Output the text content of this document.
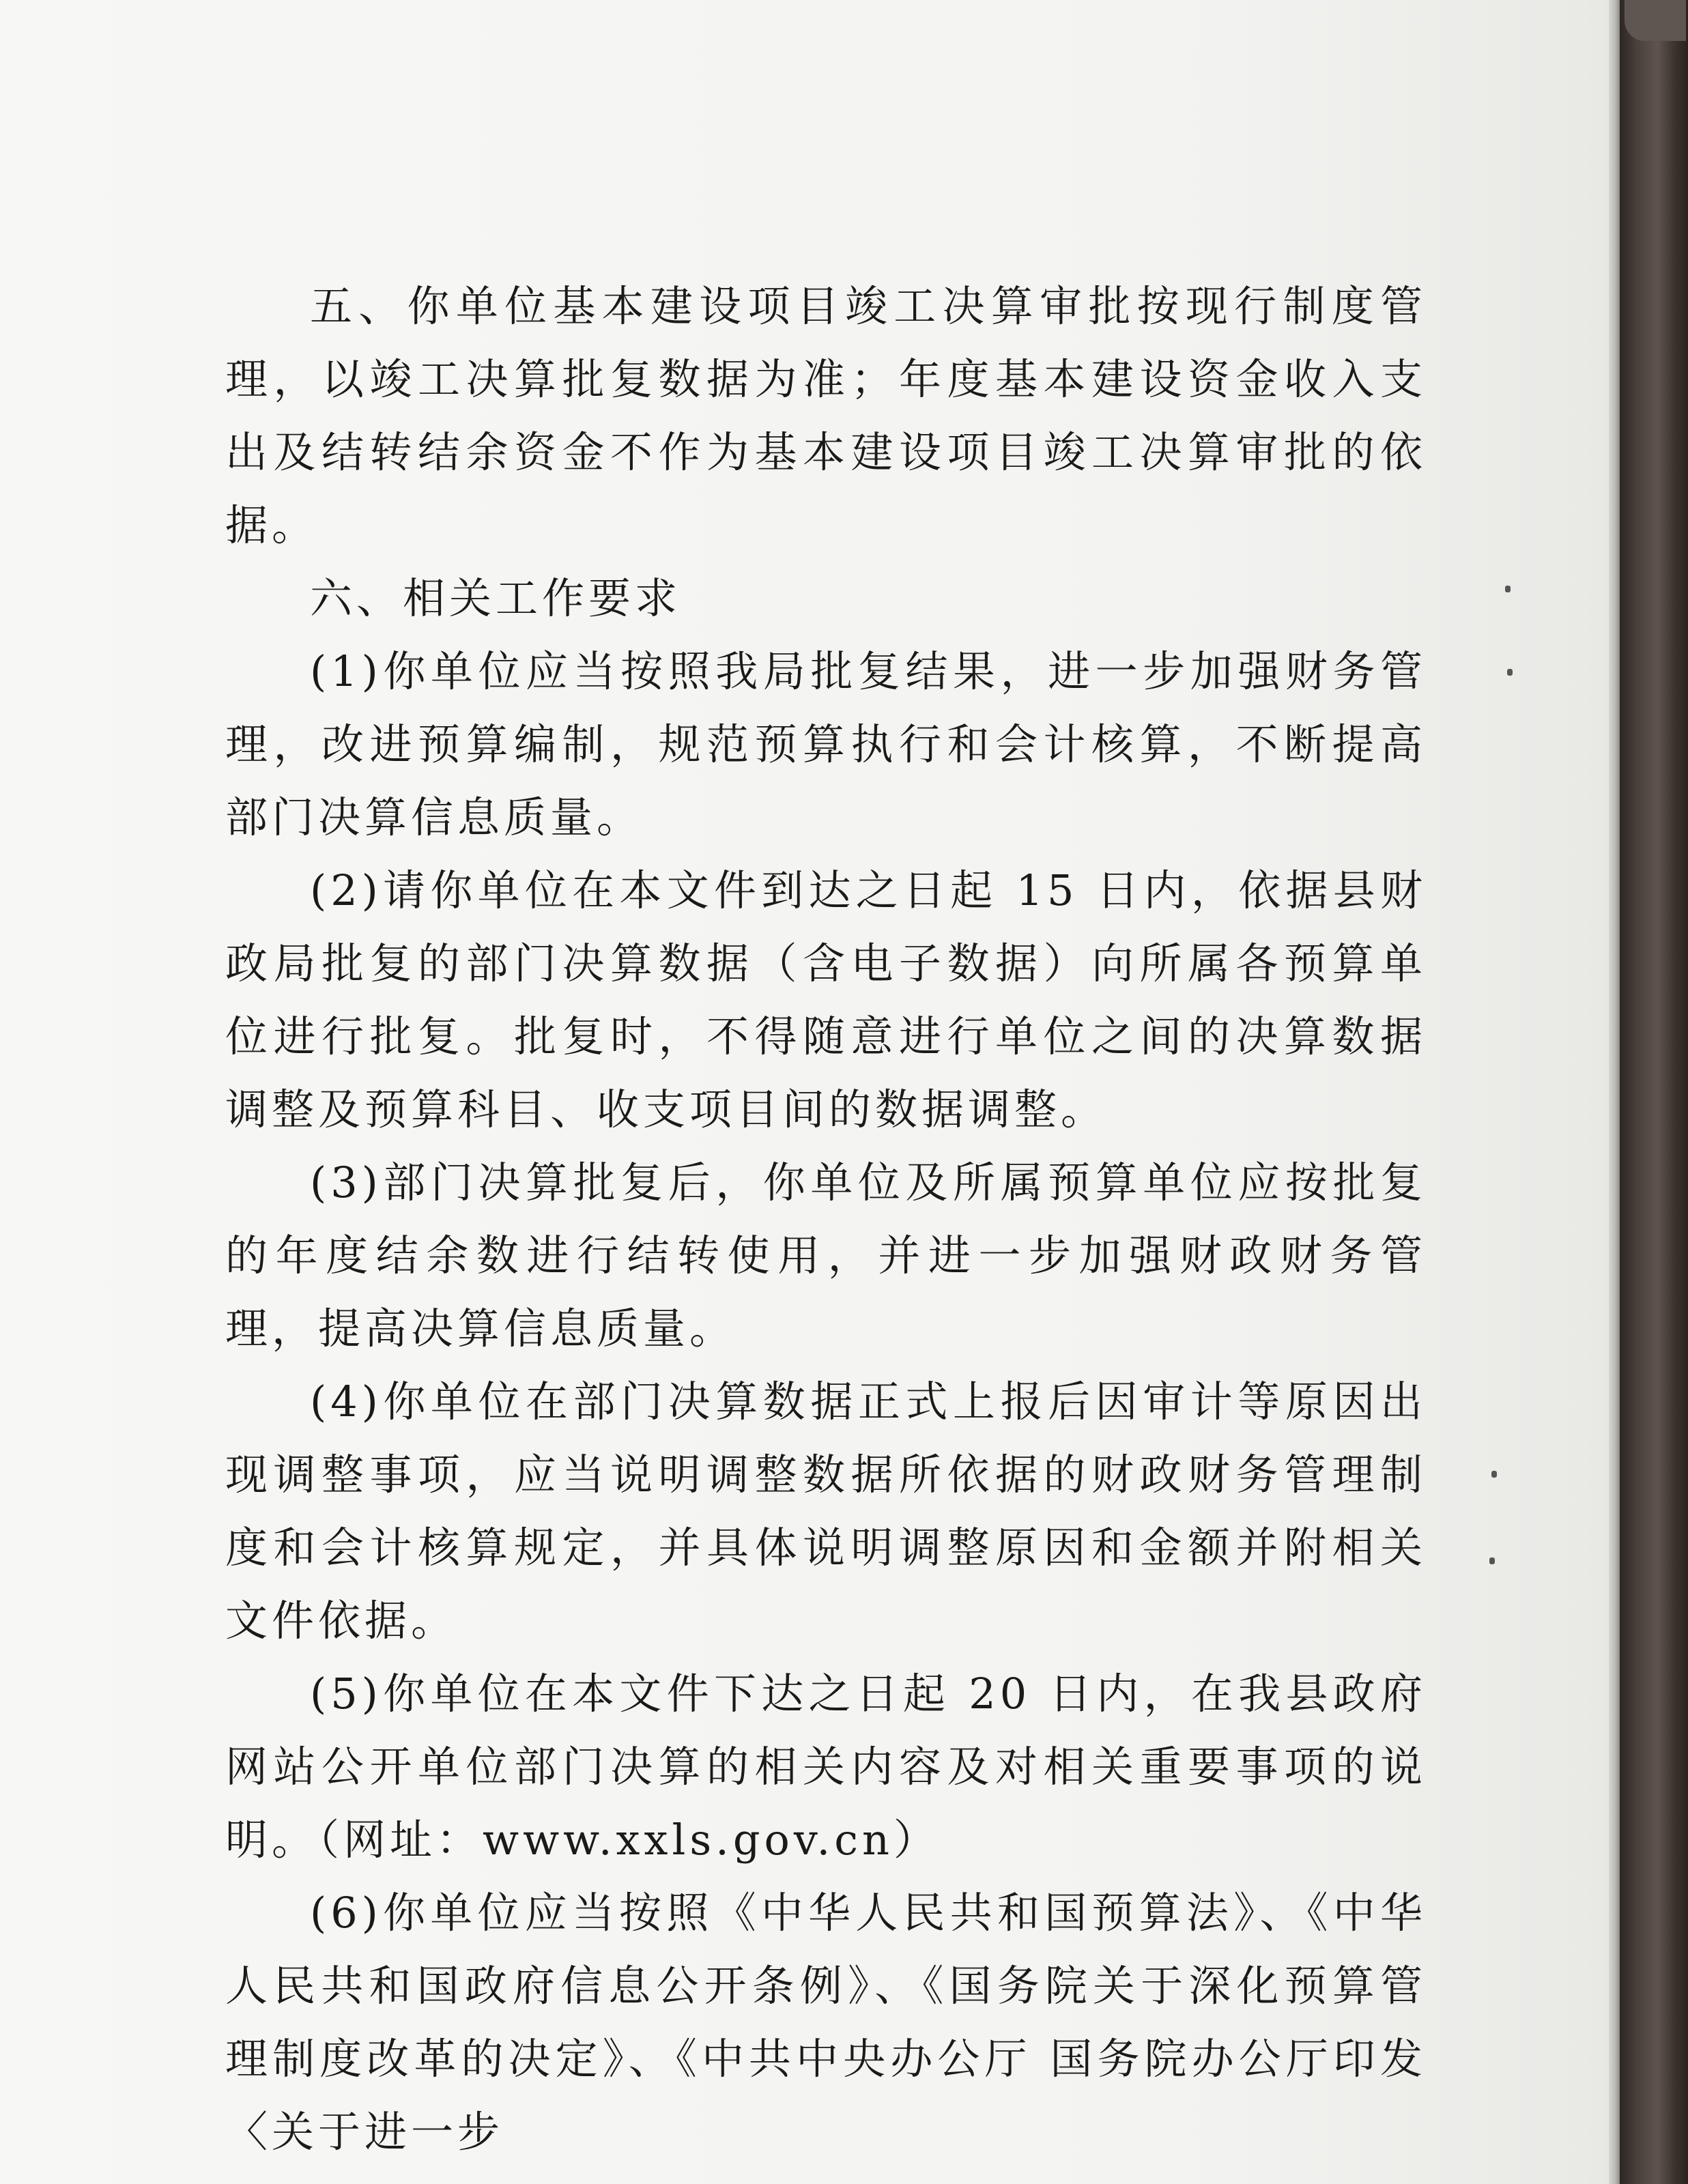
五、你单位基本建设项目竣工决算审批按现行制度管理，以竣工决算批复数据为准；年度基本建设资金收入支出及结转结余资金不作为基本建设项目竣工决算审批的依据。

六、相关工作要求

(1)你单位应当按照我局批复结果，进一步加强财务管理，改进预算编制，规范预算执行和会计核算，不断提高部门决算信息质量。

(2)请你单位在本文件到达之日起 15 日内，依据县财政局批复的部门决算数据（含电子数据）向所属各预算单位进行批复。批复时，不得随意进行单位之间的决算数据调整及预算科目、收支项目间的数据调整。

(3)部门决算批复后，你单位及所属预算单位应按批复的年度结余数进行结转使用，并进一步加强财政财务管理，提高决算信息质量。

(4)你单位在部门决算数据正式上报后因审计等原因出现调整事项，应当说明调整数据所依据的财政财务管理制度和会计核算规定，并具体说明调整原因和金额并附相关文件依据。

(5)你单位在本文件下达之日起 20 日内，在我县政府网站公开单位部门决算的相关内容及对相关重要事项的说明。（网址：www.xxls.gov.cn）

(6)你单位应当按照《中华人民共和国预算法》、《中华人民共和国政府信息公开条例》、《国务院关于深化预算管理制度改革的决定》、《中共中央办公厅 国务院办公厅印发〈关于进一步
